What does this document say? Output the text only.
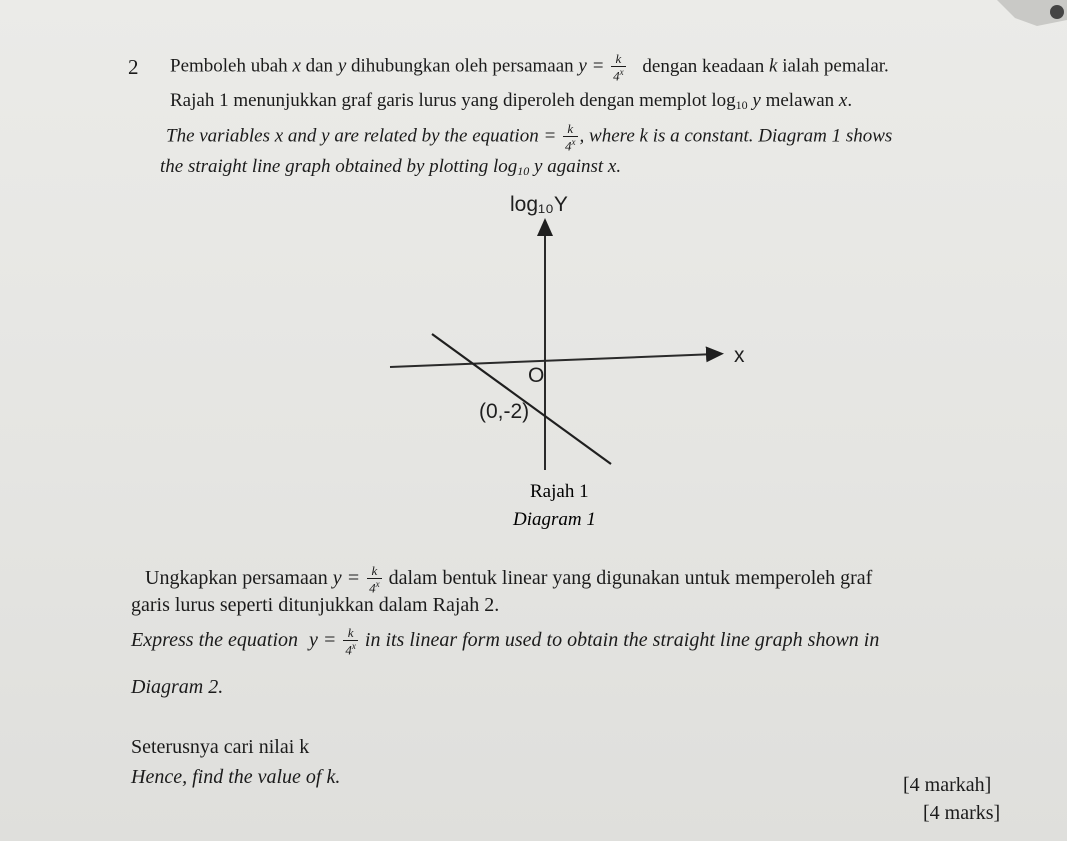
2 Pemboleh ubah x dan y dihubungkan oleh persamaan $y = \frac{k}{4^x}$ dengan keadaan k ialah pemalar.
Rajah 1 menunjukkan graf garis lurus yang diperoleh dengan memplot $\log_{10} y$ melawan x.
The variables x and y are related by the equation = $\frac{k}{4^x}$ , where k is a constant. Diagram 1 shows
the straight line graph obtained by plotting $\log_{10} y$ against x.
log₁₀Y
x
O
(0,-2)
Rajah 1
Diagram 1
Ungkapkan persamaan $y = \frac{k}{4^x}$ dalam bentuk linear yang digunakan untuk memperoleh graf
garis lurus seperti ditunjukkan dalam Rajah 2.
Express the equation $y = \frac{k}{4^x}$ in its linear form used to obtain the straight line graph shown in
Diagram 2.
Seterusnya cari nilai k
Hence, find the value of k.	[4 markah]
[4 marks]
